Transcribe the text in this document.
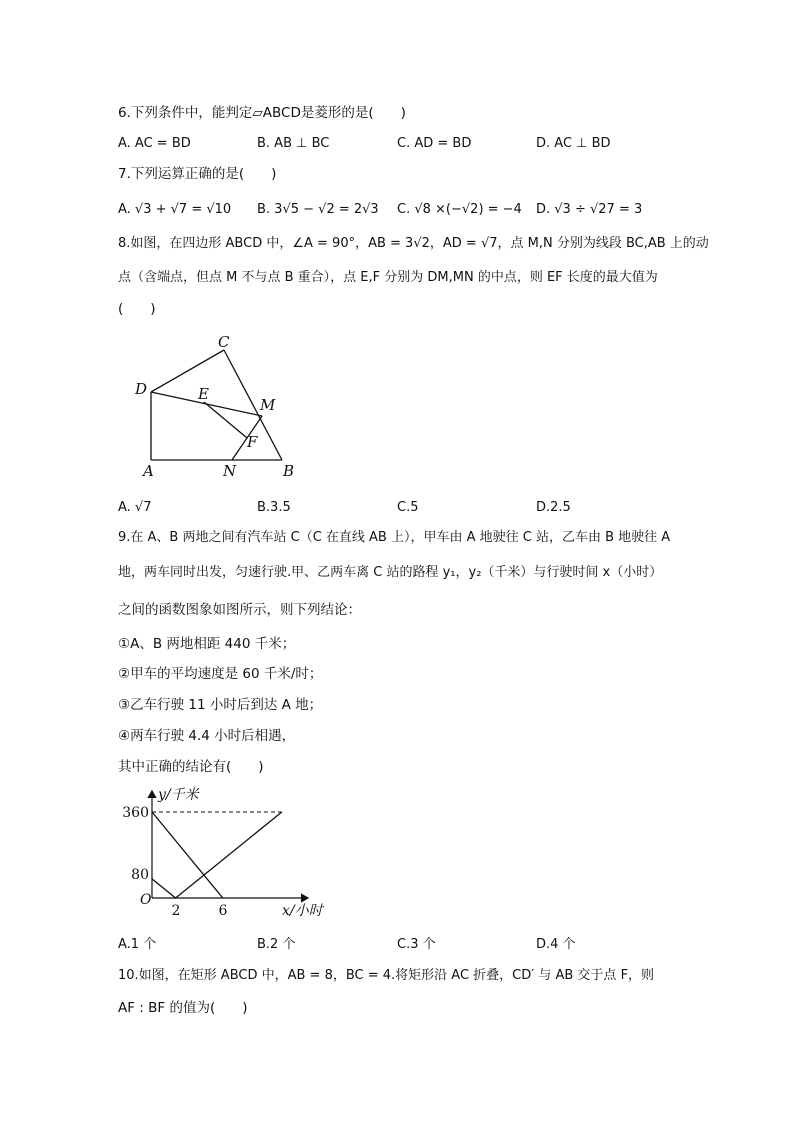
6.下列条件中，能判定▱ABCD是菱形的是(　　)
A. AC = BD	B. AB ⊥ BC	C. AD = BD	D. AC ⊥ BD
7.下列运算正确的是(　　)
A. √3 + √7 = √10 B. 3√5 − √2 = 2√3 C. √8 ×(−√2) = −4 D. √3 ÷ √27 = 3
8.如图，在四边形 ABCD 中，∠A = 90°，AB = 3√2，AD = √7，点 M,N 分别为线段 BC,AB 上的动
点（含端点，但点 M 不与点 B 重合），点 E,F 分别为 DM,MN 的中点，则 EF 长度的最大值为
(　　)
C
D	E
M
F
A	N	B
A. √7	B.3.5	C.5	D.2.5
9.在 A、B 两地之间有汽车站 C（C 在直线 AB 上），甲车由 A 地驶往 C 站，乙车由 B 地驶往 A
地，两车同时出发，匀速行驶.甲、乙两车离 C 站的路程 y₁，y₂（千米）与行驶时间 x（小时）
之间的函数图象如图所示，则下列结论：
①A、B 两地相距 440 千米；
②甲车的平均速度是 60 千米/时；
③乙车行驶 11 小时后到达 A 地；
④两车行驶 4.4 小时后相遇，
其中正确的结论有(　　)
y/千米
x/小时
O
360
80
2	6
A.1 个	B.2 个	C.3 个	D.4 个
10.如图，在矩形 ABCD 中，AB = 8，BC = 4.将矩形沿 AC 折叠，CD′ 与 AB 交于点 F，则
AF : BF 的值为(　　)
